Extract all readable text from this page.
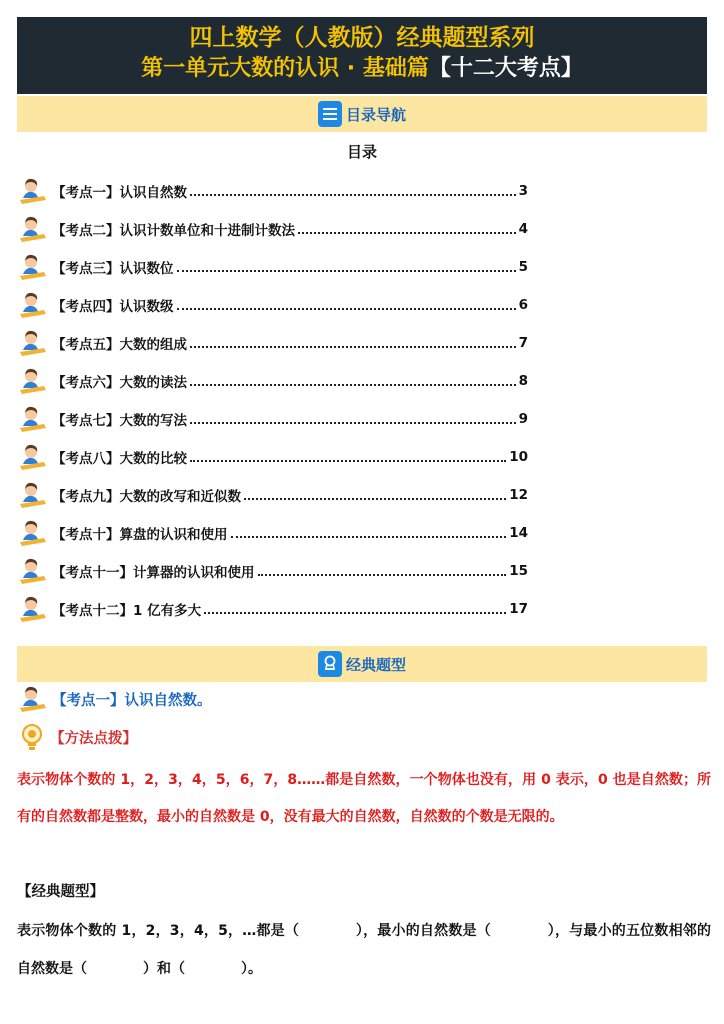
四上数学（人教版）经典题型系列
第一单元大数的认识 · 基础篇【十二大考点】
目录导航
目录
【考点一】认识自然数	3
【考点二】认识计数单位和十进制计数法	4
【考点三】认识数位	5
【考点四】认识数级	6
【考点五】大数的组成	7
【考点六】大数的读法	8
【考点七】大数的写法	9
【考点八】大数的比较	10
【考点九】大数的改写和近似数	12
【考点十】算盘的认识和使用	14
【考点十一】计算器的认识和使用	15
【考点十二】1 亿有多大	17
经典题型
【考点一】认识自然数。
【方法点拨】
表示物体个数的 1，2，3，4，5，6，7，8……都是自然数，一个物体也没有，用 0 表示，0 也是自然数；所有的自然数都是整数，最小的自然数是 0，没有最大的自然数，自然数的个数是无限的。
【经典题型】
表示物体个数的 1，2，3，4，5，…都是（　　　　），最小的自然数是（　　　　），与最小的五位数相邻的自然数是（　　　　）和（　　　　）。
